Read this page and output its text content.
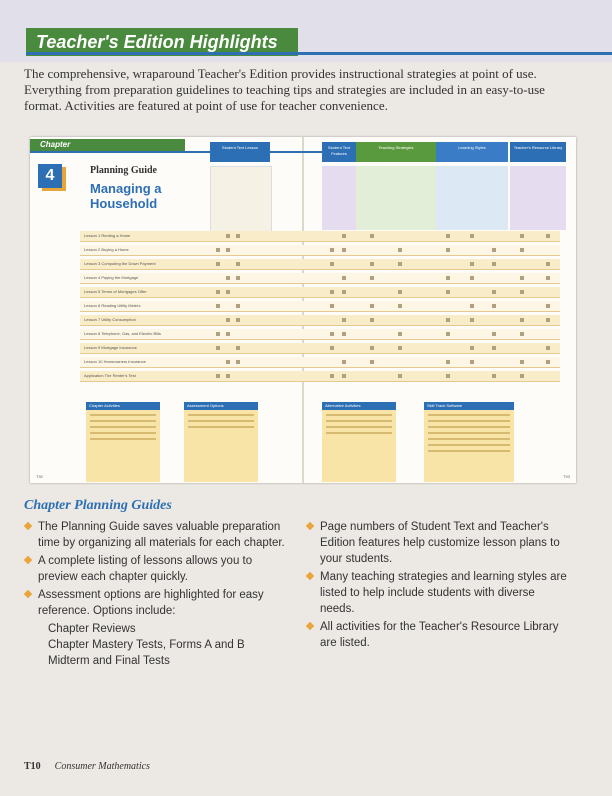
Teacher's Edition Highlights
The comprehensive, wraparound Teacher's Edition provides instructional strategies at point of use. Everything from preparation guidelines to teaching tips and strategies are included in an easy-to-use format. Activities are featured at point of use for teacher convenience.
Chapter
4	Planning Guide
Managing a Household
Student Text Lesson	Student Text Features
Teaching Strategies	Learning Styles	Teacher's Resource Library
Lesson 1 Renting a Home
Lesson 2 Buying a Home
Lesson 3 Computing the Down Payment
Lesson 4 Paying the Mortgage
Lesson 5 Terms of Mortgages Offer
Lesson 6 Reading Utility Meters
Lesson 7 Utility Consumption
Lesson 8 Telephone, Gas, and Electric Bills
Lesson 9 Mortgage Insurance
Lesson 10 Homeowners Insurance
Application The Renter's Test
Chapter Activities	Assessment Options	Alternative Activities	Skill Track Software
T92	T93
Chapter Planning Guides
The Planning Guide saves valuable preparation time by organizing all materials for each chapter.
A complete listing of lessons allows you to preview each chapter quickly.
Assessment options are highlighted for easy reference. Options include:
Chapter Reviews
Chapter Mastery Tests, Forms A and B
Midterm and Final Tests
Page numbers of Student Text and Teacher's Edition features help customize lesson plans to your students.
Many teaching strategies and learning styles are listed to help include students with diverse needs.
All activities for the Teacher's Resource Library are listed.
T10 Consumer Mathematics
